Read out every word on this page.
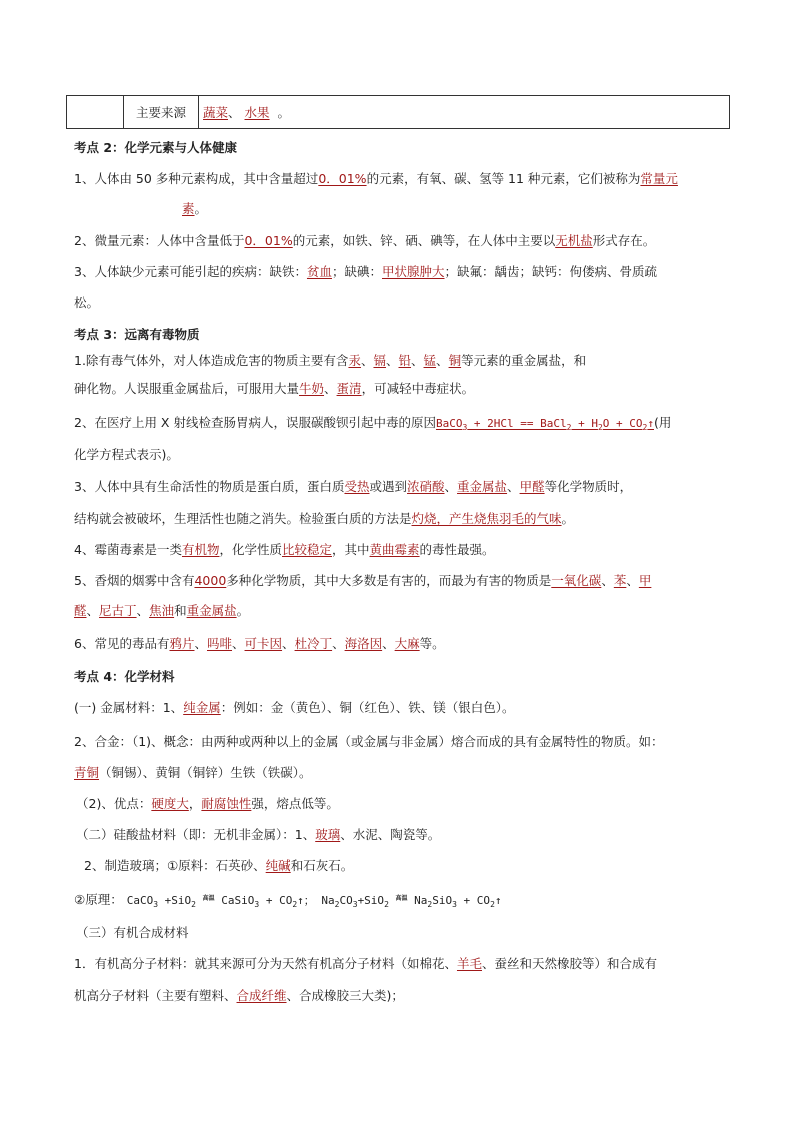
主要来源 蔬菜 、
水果
。
考点 2：化学元素与人体健康
1、人体由 50 多种元素构成，其中含量超过0．01%的元素，有氧、碳、氢等 11 种元素，它们被称为常量元
素。
2、微量元素：人体中含量低于0．01%的元素，如铁、锌、硒、碘等，在人体中主要以无机盐形式存在。
3、人体缺少元素可能引起的疾病：缺铁：贫血；缺碘：甲状腺肿大；缺氟：龋齿；缺钙：佝偻病、骨质疏
松。
考点 3：远离有毒物质
1.除有毒气体外，对人体造成危害的物质主要有含汞、镉、铅、锰、铜等元素的重金属盐，和
砷化物。人误服重金属盐后，可服用大量牛奶、蛋清，可减轻中毒症状。
2、在医疗上用 X 射线检查肠胃病人，误服碳酸钡引起中毒的原因BaCO$_3$ + 2HCl == BaCl$_2$ + $H_2O$ + $CO_2↑$(用
化学方程式表示)。
3、人体中具有生命活性的物质是蛋白质，蛋白质受热或遇到浓硝酸、重金属盐、甲醛等化学物质时，
结构就会被破坏，生理活性也随之消失。检验蛋白质的方法是灼烧，产生烧焦羽毛的气味。
4、霉菌毒素是一类有机物，化学性质比较稳定，其中黄曲霉素的毒性最强。
5、香烟的烟雾中含有4000多种化学物质，其中大多数是有害的，而最为有害的物质是一氧化碳、苯、甲
醛、尼古丁、焦油和重金属盐。
6、常见的毒品有鸦片、吗啡、可卡因、杜冷丁、海洛因、大麻等。
考点 4：化学材料
(一) 金属材料：1、纯金属：例如：金（黄色）、铜（红色）、铁、镁（银白色）。
2、合金：（1)、概念：由两种或两种以上的金属（或金属与非金属）熔合而成的具有金属特性的物质。如：
青铜（铜锡）、黄铜（铜锌）生铁（铁碳）。
（2)、优点：硬度大，耐腐蚀性强，熔点低等。
（二）硅酸盐材料（即：无机非金属）：1、玻璃、水泥、陶瓷等。
2、制造玻璃；①原料：石英砂、纯碱和石灰石。
②原理： CaCO$_3$ +SiO$_2$ $^{高温}$ CaSiO$_3$ + $CO_2↑$； $Na_2CO_3+SiO_2$ $^{高温}$ $Na_2SiO_3$ + $CO_2↑$
（三）有机合成材料
1．有机高分子材料：就其来源可分为天然有机高分子材料（如棉花、羊毛、蚕丝和天然橡胶等）和合成有
机高分子材料（主要有塑料、合成纤维、合成橡胶三大类)；
